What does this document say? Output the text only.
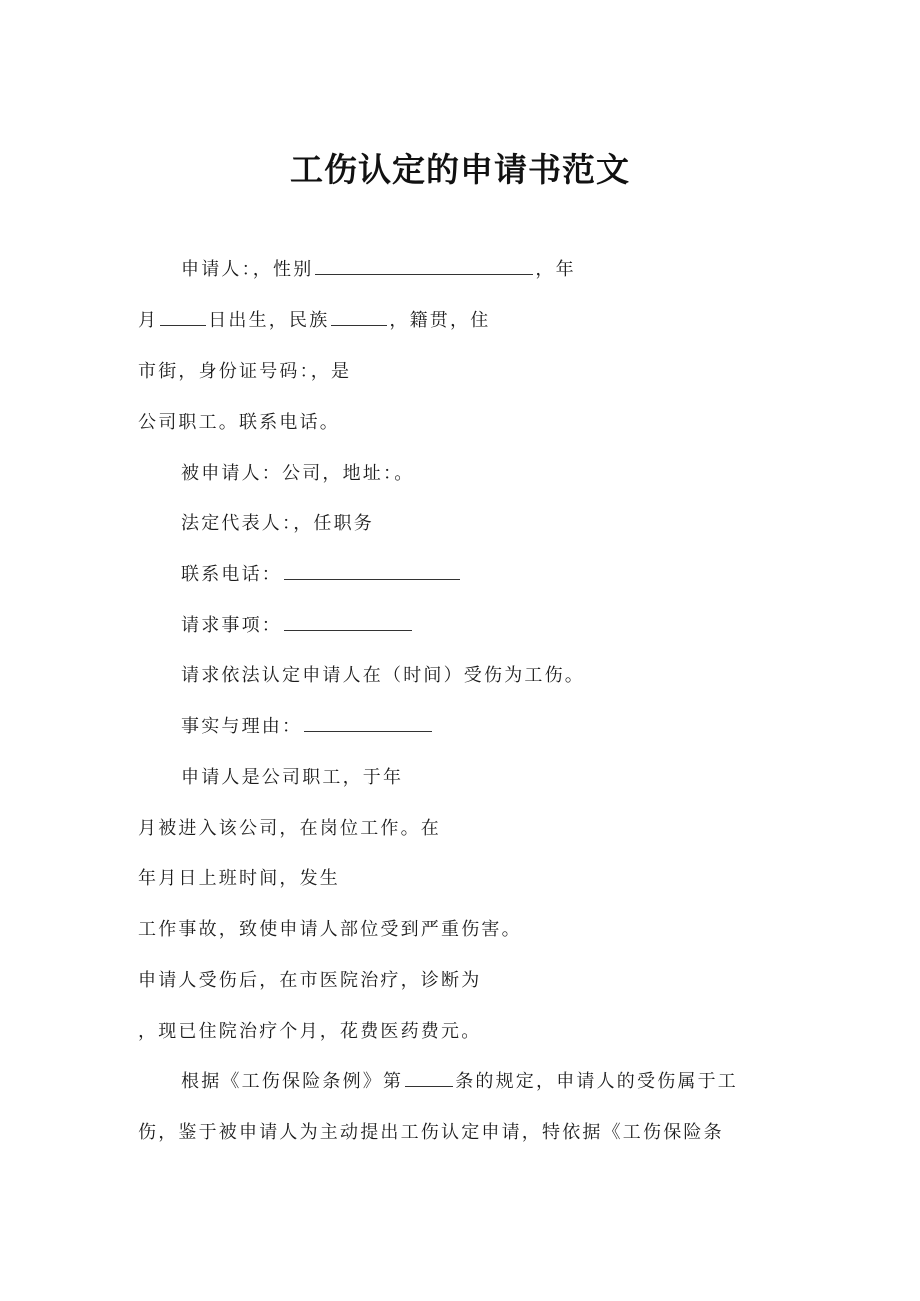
工伤认定的申请书范文
申请人：，性别	，年
月	日出生，民族	，籍贯，住
市街，身份证号码：，是
公司职工。联系电话。
被申请人：公司，地址：。
法定代表人：，任职务
联系电话：
请求事项：
请求依法认定申请人在（时间）受伤为工伤。
事实与理由：
申请人是公司职工，于年
月被进入该公司，在岗位工作。在
年月日上班时间，发生
工作事故，致使申请人部位受到严重伤害。
申请人受伤后，在市医院治疗，诊断为
，现已住院治疗个月，花费医药费元。
根据《工伤保险条例》第	条的规定，申请人的受伤属于工
伤，鉴于被申请人为主动提出工伤认定申请，特依据《工伤保险条
